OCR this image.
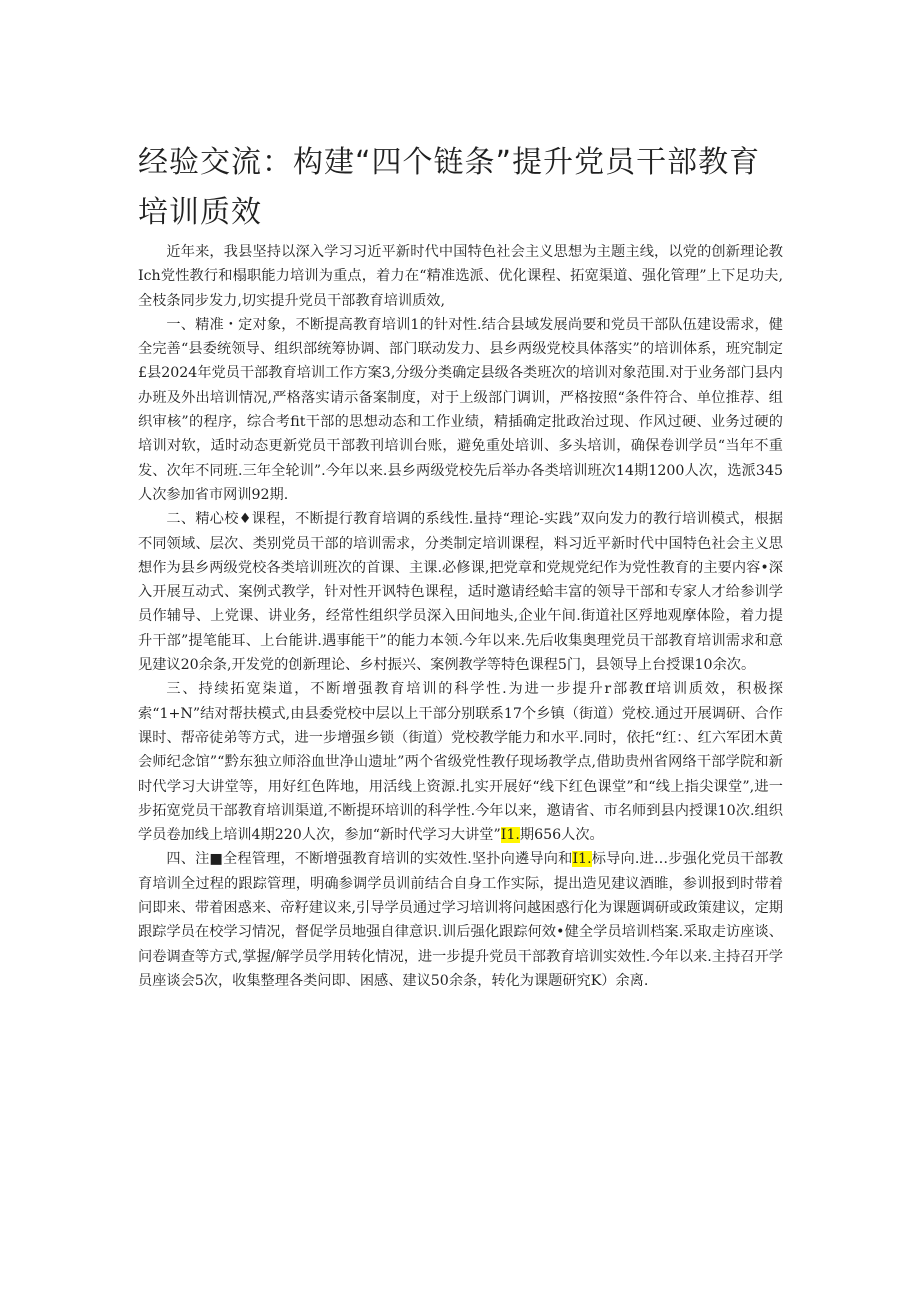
经验交流：构建“四个链条”提升党员干部教育培训质效

近年来，我县坚持以深入学习习近平新时代中国特色社会主义思想为主题主线，以党的创新理论教Ich党性教行和榻职能力培训为重点，着力在“精准选派、优化课程、拓宽渠道、强化管理”上下足功夫,全枝条同步发力,切实提升党员干部教育培训质效,

一、精准・定对象，不断提高教育培训1的针对性.结合县域发展尚要和党员干部队伍建设需求，健全完善“县委统领导、组织部统筹协调、部门联动发力、县乡两级党校具体落实”的培训体系，班究制定£县2024年党员干部教育培训工作方案3,分级分类确定县级各类班次的培训对象范围.对于业务部门县内办班及外出培训情况,严格落实请示备案制度，对于上级部门调训，严格按照“条件符合、单位推荐、组织审核”的程序，综合考fit干部的思想动态和工作业绩，精插确定批政治过现、作风过硬、业务过硬的培训对软，适时动态更新党员干部教刊培训台账，避免重处培训、多头培训，确保卷训学员“当年不重发、次年不同班.三年全轮训”.今年以来.县乡两级党校先后举办各类培训班次14期1200人次，选派345人次参加省市网训92期.

二、精心校♦课程，不断提行教育培调的系线性.量持“理论-实践”双向发力的教行培训模式，根据不同领域、层次、类别党员干部的培训需求，分类制定培训课程，料习近平新时代中国特色社会主义思想作为县乡两级党校各类培训班次的首课、主课.必修课,把党章和党规党纪作为党性教育的主要内容•深入开展互动式、案例式教学，针对性开讽特色课程，适时邀请经蛤丰富的领导干部和专家人才给参训学员作辅导、上党课、讲业务，经常性组织学员深入田间地头,企业午间.街道社区殍地观摩体险，着力提升干部”提笔能耳、上台能讲.遇事能干”的能力本领.今年以来.先后收集奥理党员干部教育培训需求和意见建议20余条,开发党的创新理论、乡村振兴、案例教学等特色课程5门，县领导上台授课10余次。

三、持续拓宽柒道，不断增强教育培训的科学性.为进一步提升r部教ff培训质效，积极探索“1+N”结对帮扶模式,由县委党校中层以上干部分别联系17个乡镇（街道）党校.通过开展调研、合作课时、帮帝徒弟等方式，进一步增强乡锁（街道）党校教学能力和水平.同时，依托“红：、红六军团木黄会师纪念馆”“黔东独立师浴血世净山遗址”两个省级党性教仔现场教学点,借助贵州省网络干部学院和新时代学习大讲堂等，用好红色阵地，用活线上资源.扎实开展好“线下红色课堂”和“线上指尖课堂”,进一步拓宽党员干部教育培训渠道,不断提环培训的科学性.今年以来，邀请省、市名师到县内授课10次.组织学员卷加线上培训4期220人次，参加“新时代学习大讲堂”I1.期656人次。

四、注■全程管理，不断增强教育培训的实效性.坚扑向遴导向和I1.标导向.进…步强化党员干部教育培训全过程的跟踪管理，明确参调学员训前结合自身工作实际，提出造见建议酒睢，参训报到时带着问即来、带着困惑来、帝籽建议来,引导学员通过学习培训将问越困惑行化为课题调研或政策建议，定期跟踪学员在校学习情况，督促学员地强自律意识.训后强化跟踪何效•健全学员培训档案.采取走访座谈、问卷调查等方式,掌握/解学员学用转化情况，进一步提升党员干部教育培训实效性.今年以来.主持召开学员座谈会5次，收集整理各类问即、困感、建议50余条，转化为课题研究K）余离.
